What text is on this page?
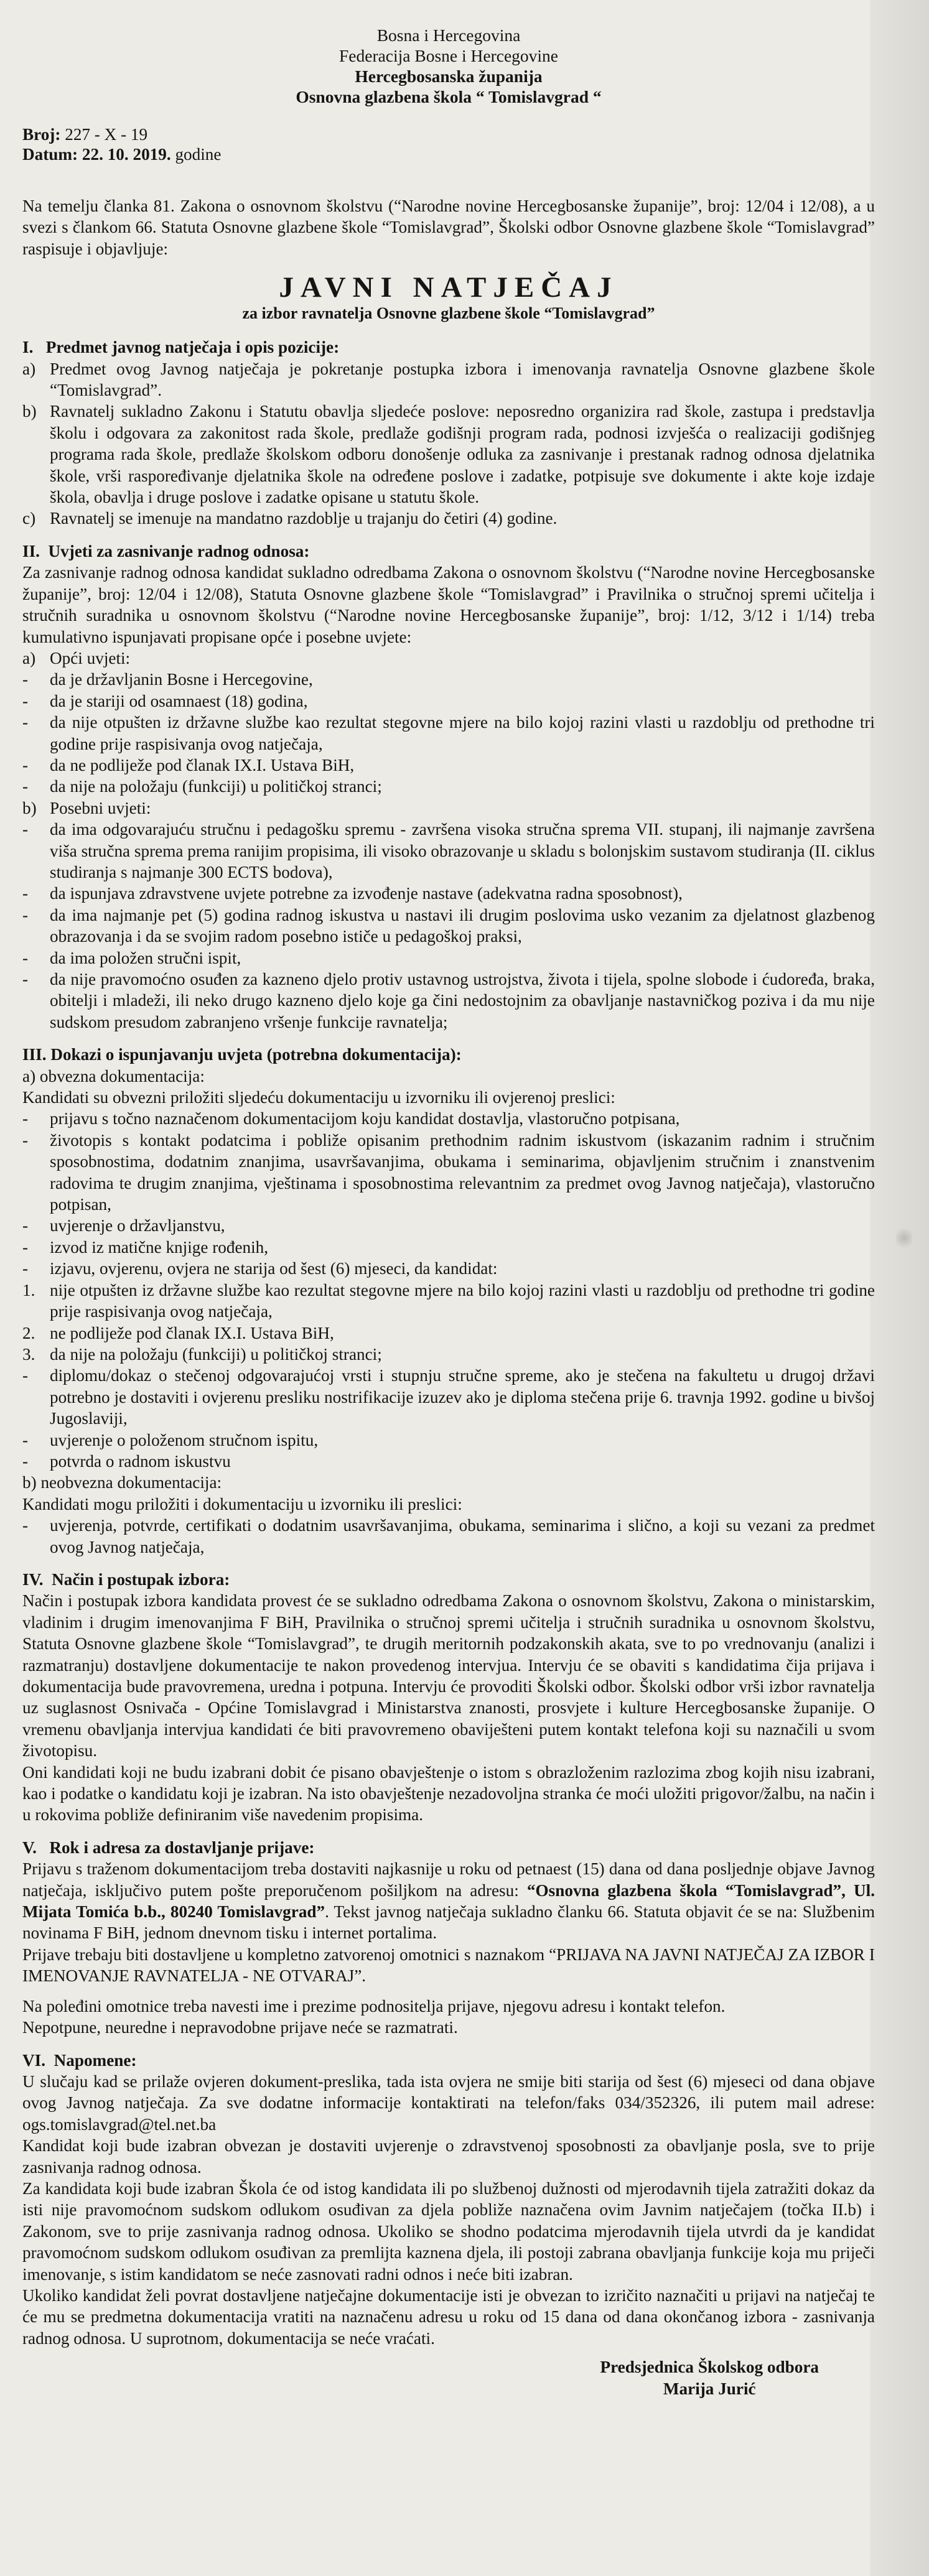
Bosna i Hercegovina
Federacija Bosne i Hercegovine
Hercegbosanska županija
Osnovna glazbena škola “ Tomislavgrad “
Broj: 227 - X - 19
Datum: 22. 10. 2019. godine

Na temelju članka 81. Zakona o osnovnom školstvu (“Narodne novine Hercegbosanske županije”, broj: 12/04 i 12/08), a u svezi s člankom 66. Statuta Osnovne glazbene škole “Tomislavgrad”, Školski odbor Osnovne glazbene škole “Tomislavgrad” raspisuje i objavljuje:

JAVNI NATJEČAJ
za izbor ravnatelja Osnovne glazbene škole “Tomislavgrad”
I.   Predmet javnog natječaja i opis pozicije:
a) Predmet ovog Javnog natječaja je pokretanje postupka izbora i imenovanja ravnatelja Osnovne glazbene škole “Tomislavgrad”.
b) Ravnatelj sukladno Zakonu i Statutu obavlja sljedeće poslove: neposredno organizira rad škole, zastupa i predstavlja školu i odgovara za zakonitost rada škole, predlaže godišnji program rada, podnosi izvješća o realizaciji godišnjeg programa rada škole, predlaže školskom odboru donošenje odluka za zasnivanje i prestanak radnog odnosa djelatnika škole, vrši raspoređivanje djelatnika škole na određene poslove i zadatke, potpisuje sve dokumente i akte koje izdaje škola, obavlja i druge poslove i zadatke opisane u statutu škole.
c) Ravnatelj se imenuje na mandatno razdoblje u trajanju do četiri (4) godine.
II.  Uvjeti za zasnivanje radnog odnosa:

Za zasnivanje radnog odnosa kandidat sukladno odredbama Zakona o osnovnom školstvu (“Narodne novine Hercegbosanske županije”, broj: 12/04 i 12/08), Statuta Osnovne glazbene škole “Tomislavgrad” i Pravilnika o stručnoj spremi učitelja i stručnih suradnika u osnovnom školstvu (“Narodne novine Hercegbosanske županije”, broj: 1/12, 3/12 i 1/14) treba kumulativno ispunjavati propisane opće i posebne uvjete:

a) Opći uvjeti:
-	da je državljanin Bosne i Hercegovine,
-	da je stariji od osamnaest (18) godina,
-	da nije otpušten iz državne službe kao rezultat stegovne mjere na bilo kojoj razini vlasti u razdoblju od prethodne tri godine prije raspisivanja ovog natječaja,
-	da ne podliježe pod članak IX.I. Ustava BiH,
-	da nije na položaju (funkciji) u političkoj stranci;
b) Posebni uvjeti:
-	da ima odgovarajuću stručnu i pedagošku spremu - završena visoka stručna sprema VII. stupanj, ili najmanje završena viša stručna sprema prema ranijim propisima, ili visoko obrazovanje u skladu s bolonjskim sustavom studiranja (II. ciklus studiranja s najmanje 300 ECTS bodova),
-	da ispunjava zdravstvene uvjete potrebne za izvođenje nastave (adekvatna radna sposobnost),
-	da ima najmanje pet (5) godina radnog iskustva u nastavi ili drugim poslovima usko vezanim za djelatnost glazbenog obrazovanja i da se svojim radom posebno ističe u pedagoškoj praksi,
-	da ima položen stručni ispit,
-	da nije pravomoćno osuđen za kazneno djelo protiv ustavnog ustrojstva, života i tijela, spolne slobode i ćudoređa, braka, obitelji i mladeži, ili neko drugo kazneno djelo koje ga čini nedostojnim za obavljanje nastavničkog poziva i da mu nije sudskom presudom zabranjeno vršenje funkcije ravnatelja;
III. Dokazi o ispunjavanju uvjeta (potrebna dokumentacija):
a) obvezna dokumentacija:
Kandidati su obvezni priložiti sljedeću dokumentaciju u izvorniku ili ovjerenoj preslici:
-	prijavu s točno naznačenom dokumentacijom koju kandidat dostavlja, vlastoručno potpisana,
-	životopis s kontakt podatcima i pobliže opisanim prethodnim radnim iskustvom (iskazanim radnim i stručnim sposobnostima, dodatnim znanjima, usavršavanjima, obukama i seminarima, objavljenim stručnim i znanstvenim radovima te drugim znanjima, vještinama i sposobnostima relevantnim za predmet ovog Javnog natječaja), vlastoručno potpisan,
-	uvjerenje o državljanstvu,
-	izvod iz matične knjige rođenih,
-	izjavu, ovjerenu, ovjera ne starija od šest (6) mjeseci, da kandidat:
1. nije otpušten iz državne službe kao rezultat stegovne mjere na bilo kojoj razini vlasti u razdoblju od prethodne tri godine prije raspisivanja ovog natječaja,
2. ne podliježe pod članak IX.I. Ustava BiH,
3. da nije na položaju (funkciji) u političkoj stranci;
-	diplomu/dokaz o stečenoj odgovarajućoj vrsti i stupnju stručne spreme, ako je stečena na fakultetu u drugoj državi potrebno je dostaviti i ovjerenu presliku nostrifikacije izuzev ako je diploma stečena prije 6. travnja 1992. godine u bivšoj Jugoslaviji,
-	uvjerenje o položenom stručnom ispitu,
-	potvrda o radnom iskustvu
b) neobvezna dokumentacija:
Kandidati mogu priložiti i dokumentaciju u izvorniku ili preslici:
-	uvjerenja, potvrde, certifikati o dodatnim usavršavanjima, obukama, seminarima i slično, a koji su vezani za predmet ovog Javnog natječaja,
IV.  Način i postupak izbora:

Način i postupak izbora kandidata provest će se sukladno odredbama Zakona o osnovnom školstvu, Zakona o ministarskim, vladinim i drugim imenovanjima F BiH, Pravilnika o stručnoj spremi učitelja i stručnih suradnika u osnovnom školstvu, Statuta Osnovne glazbene škole “Tomislavgrad”, te drugih meritornih podzakonskih akata, sve to po vrednovanju (analizi i razmatranju) dostavljene dokumentacije te nakon provedenog intervjua. Intervju će se obaviti s kandidatima čija prijava i dokumentacija bude pravovremena, uredna i potpuna. Intervju će provoditi Školski odbor. Školski odbor vrši izbor ravnatelja uz suglasnost Osnivača - Općine Tomislavgrad i Ministarstva znanosti, prosvjete i kulture Hercegbosanske županije. O vremenu obavljanja intervjua kandidati će biti pravovremeno obaviješteni putem kontakt telefona koji su naznačili u svom životopisu.

Oni kandidati koji ne budu izabrani dobit će pisano obavještenje o istom s obrazloženim razlozima zbog kojih nisu izabrani, kao i podatke o kandidatu koji je izabran. Na isto obavještenje nezadovoljna stranka će moći uložiti prigovor/žalbu, na način i u rokovima pobliže definiranim više navedenim propisima.

V.   Rok i adresa za dostavljanje prijave:

Prijavu s traženom dokumentacijom treba dostaviti najkasnije u roku od petnaest (15) dana od dana posljednje objave Javnog natječaja, isključivo putem pošte preporučenom pošiljkom na adresu: “Osnovna glazbena škola “Tomislavgrad”, Ul. Mijata Tomića b.b., 80240 Tomislavgrad”. Tekst javnog natječaja sukladno članku 66. Statuta objavit će se na: Službenim novinama F BiH, jednom dnevnom tisku i internet portalima.

Prijave trebaju biti dostavljene u kompletno zatvorenoj omotnici s naznakom “PRIJAVA NA JAVNI NATJEČAJ ZA IZBOR I IMENOVANJE RAVNATELJA - NE OTVARAJ”.

Na poleđini omotnice treba navesti ime i prezime podnositelja prijave, njegovu adresu i kontakt telefon.

Nepotpune, neuredne i nepravodobne prijave neće se razmatrati.

VI.  Napomene:

U slučaju kad se prilaže ovjeren dokument-preslika, tada ista ovjera ne smije biti starija od šest (6) mjeseci od dana objave ovog Javnog natječaja. Za sve dodatne informacije kontaktirati na telefon/faks 034/352326, ili putem mail adrese: ogs.tomislavgrad@tel.net.ba

Kandidat koji bude izabran obvezan je dostaviti uvjerenje o zdravstvenoj sposobnosti za obavljanje posla, sve to prije zasnivanja radnog odnosa.

Za kandidata koji bude izabran Škola će od istog kandidata ili po službenoj dužnosti od mjerodavnih tijela zatražiti dokaz da isti nije pravomoćnom sudskom odlukom osuđivan za djela pobliže naznačena ovim Javnim natječajem (točka II.b) i Zakonom, sve to prije zasnivanja radnog odnosa. Ukoliko se shodno podatcima mjerodavnih tijela utvrdi da je kandidat pravomoćnom sudskom odlukom osuđivan za premlijta kaznena djela, ili postoji zabrana obavljanja funkcije koja mu priječi imenovanje, s istim kandidatom se neće zasnovati radni odnos i neće biti izabran.

Ukoliko kandidat želi povrat dostavljene natječajne dokumentacije isti je obvezan to izričito naznačiti u prijavi na natječaj te će mu se predmetna dokumentacija vratiti na naznačenu adresu u roku od 15 dana od dana okončanog izbora - zasnivanja radnog odnosa. U suprotnom, dokumentacija se neće vraćati.

Predsjednica Školskog odbora
Marija Jurić
